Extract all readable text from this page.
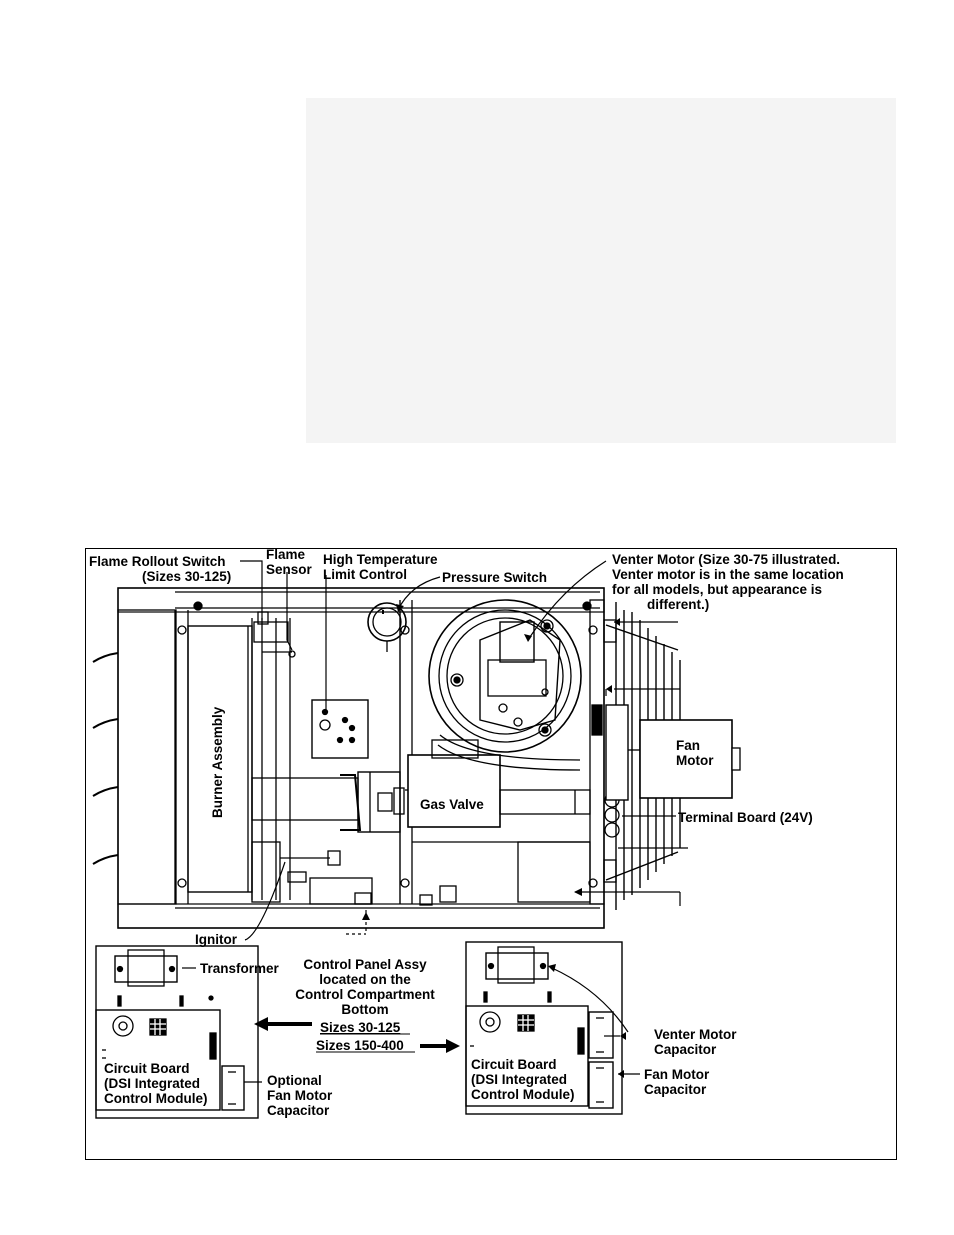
Flame Rollout Switch
(Sizes 30-125)
Flame
Sensor
High Temperature
Limit Control	Pressure Switch
Venter Motor (Size 30-75 illustrated.
Venter motor is in the same location
for all models, but appearance is
different.)
Burner Assembly	Gas Valve
Fan
Motor
Terminal Board (24V)
Ignitor
Transformer Control Panel Assy
located on the
Control Compartment
Bottom
Sizes 30-125
Sizes 150-400
Circuit Board
(DSI Integrated
Control Module)
Optional
Fan Motor
Capacitor
Circuit Board
(DSI Integrated
Control Module)
Venter Motor
Capacitor
Fan Motor
Capacitor
